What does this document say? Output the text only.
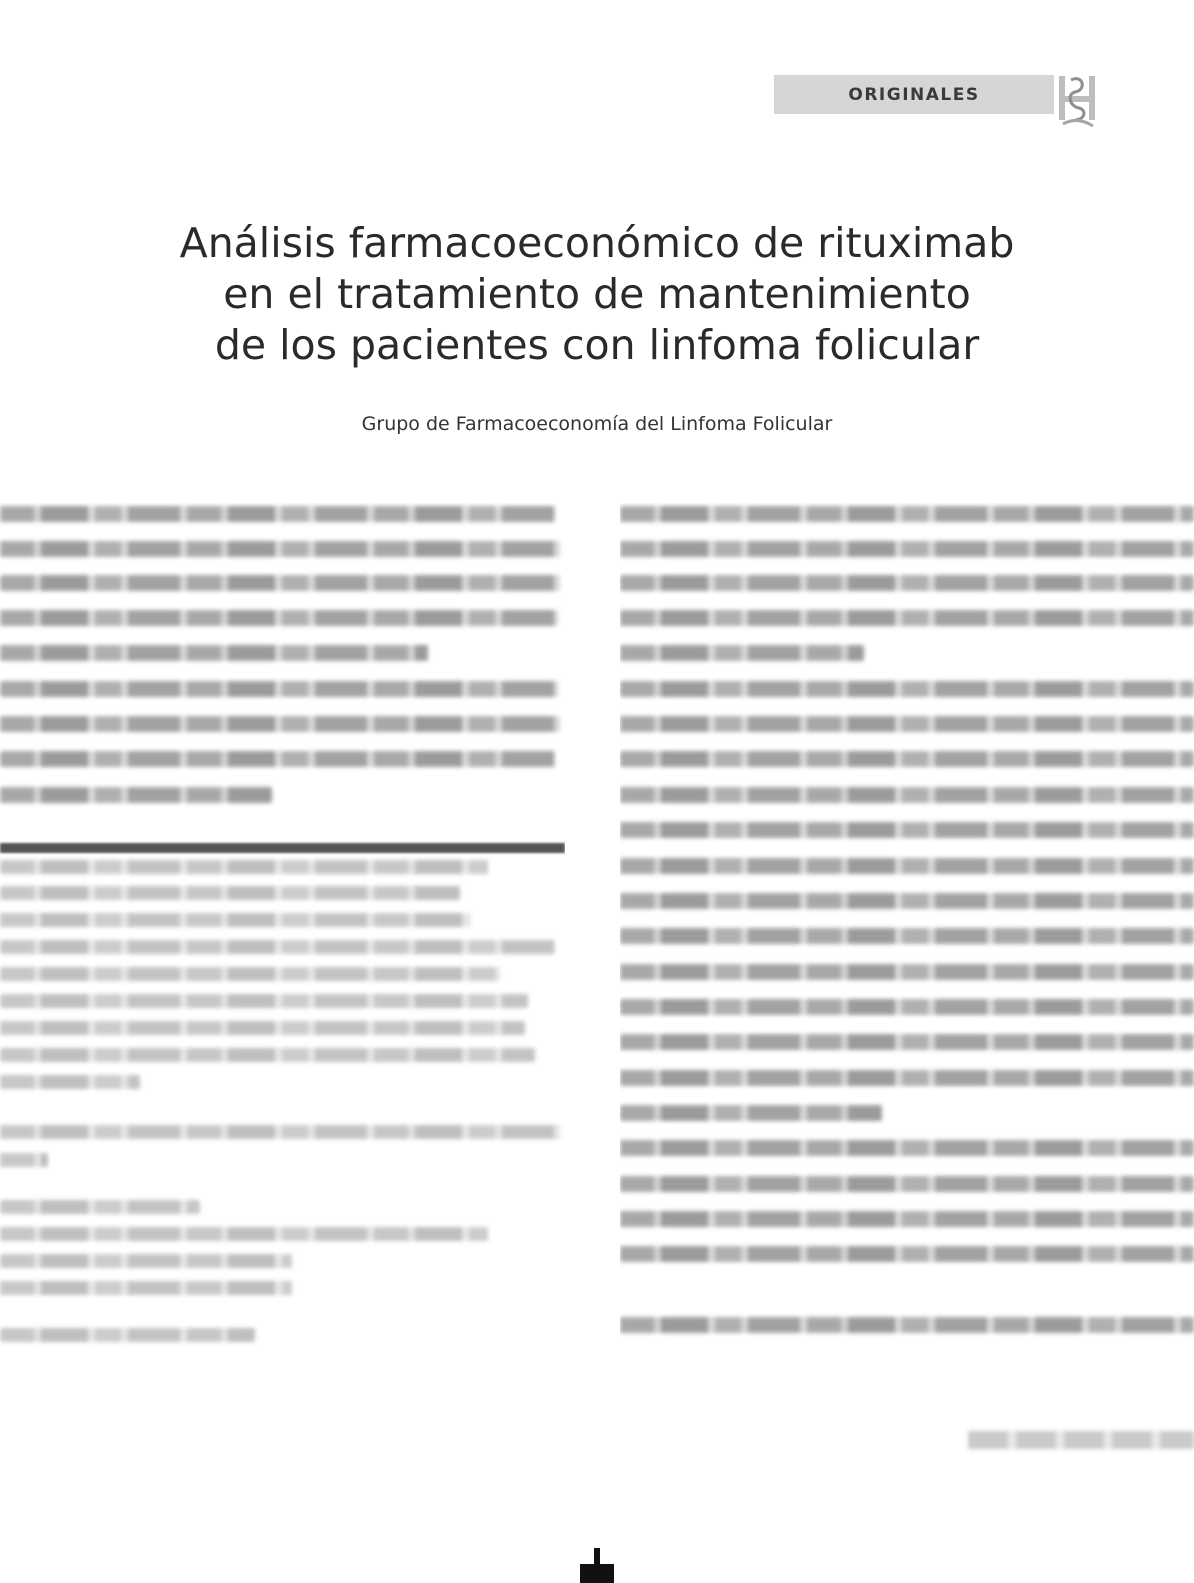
ORIGINALES
Análisis farmacoeconómico de rituximab
en el tratamiento de mantenimiento
de los pacientes con linfoma folicular
Grupo de Farmacoeconomía del Linfoma Folicular
